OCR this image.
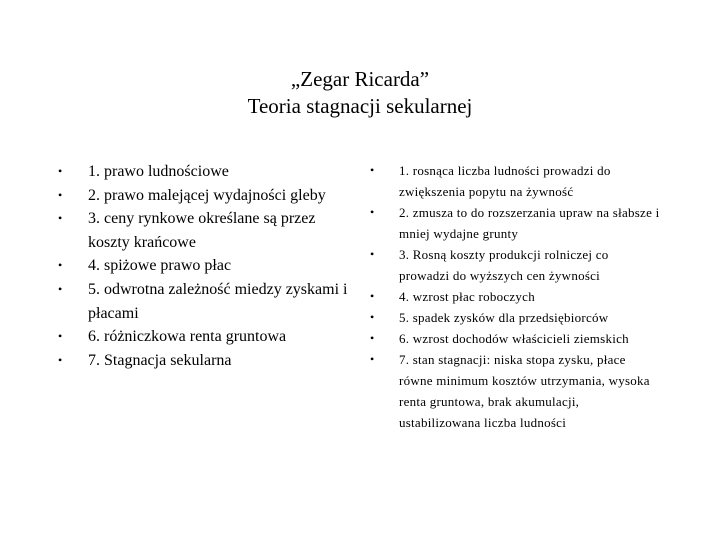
„Zegar Ricarda”
Teoria stagnacji sekularnej
• 1. prawo ludnościowe
• 2. prawo malejącej wydajności gleby
• 3. ceny rynkowe określane są przez koszty krańcowe
• 4. spiżowe prawo płac
• 5. odwrotna zależność miedzy zyskami i płacami
• 6. różniczkowa renta gruntowa
• 7. Stagnacja sekularna
• 1. rosnąca liczba ludności prowadzi do zwiększenia popytu na żywność
• 2. zmusza to do rozszerzania upraw na słabsze i mniej wydajne grunty
• 3. Rosną koszty produkcji rolniczej co prowadzi do wyższych cen żywności
• 4. wzrost płac roboczych
• 5. spadek zysków dla przedsiębiorców
• 6. wzrost dochodów właścicieli ziemskich
• 7. stan stagnacji: niska stopa zysku, płace równe minimum kosztów utrzymania, wysoka renta gruntowa, brak akumulacji, ustabilizowana liczba ludności
